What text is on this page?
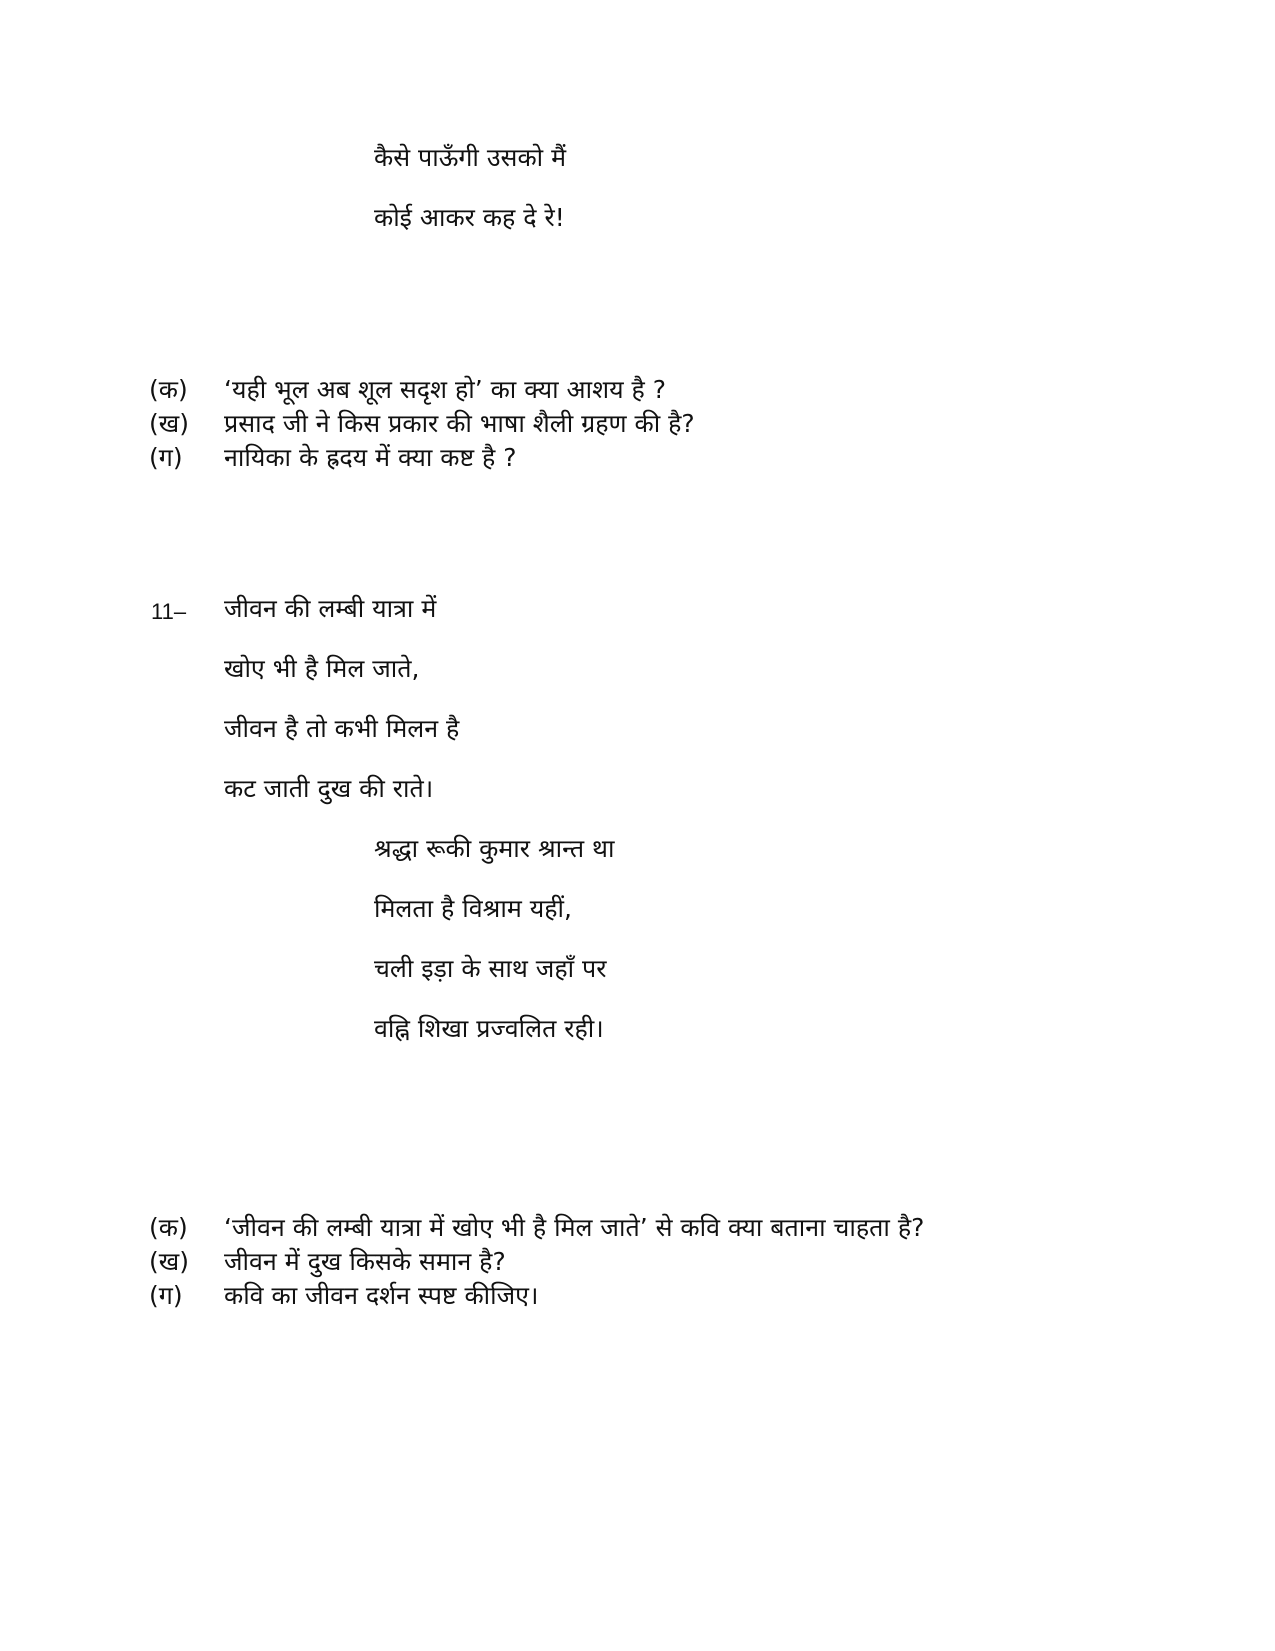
कैसे पाऊँगी उसको मैं
कोई आकर कह दे रे!
(क) ‘यही भूल अब शूल सदृश हो’ का क्या आशय है ?
(ख) प्रसाद जी ने किस प्रकार की भाषा शैली ग्रहण की है?
(ग) नायिका के ह्रदय में क्या कष्ट है ?
11– जीवन की लम्बी यात्रा में
खोए भी है मिल जाते,
जीवन है तो कभी मिलन है
कट जाती दुख की राते।
श्रद्धा रूकी कुमार श्रान्त था
मिलता है विश्राम यहीं,
चली इड़ा के साथ जहाँ पर
वह्नि शिखा प्रज्वलित रही।
(क) ‘जीवन की लम्बी यात्रा में खोए भी है मिल जाते’ से कवि क्या बताना चाहता है?
(ख) जीवन में दुख किसके समान है?
(ग) कवि का जीवन दर्शन स्पष्ट कीजिए।
